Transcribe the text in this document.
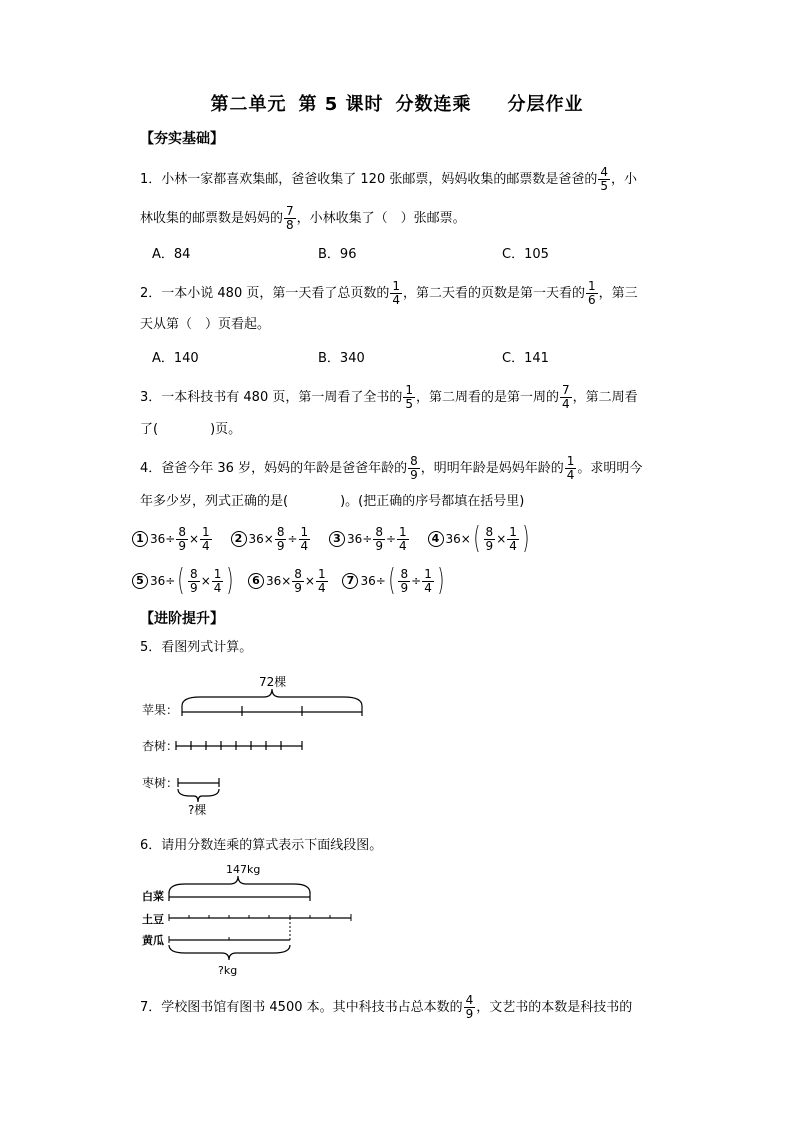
第二单元 第 5 课时 分数连乘 分层作业
【夯实基础】
1．小林一家都喜欢集邮，爸爸收集了 120 张邮票，妈妈收集的邮票数是爸爸的 $\frac{4}{5}$ ，小
林收集的邮票数是妈妈的 $\frac{7}{8}$ ，小林收集了（　）张邮票。
A．84	B．96	C．105
2．一本小说 480 页，第一天看了总页数的 $\frac{1}{4}$ ，第二天看的页数是第一天看的 $\frac{1}{6}$ ，第三
天从第（　）页看起。
A．140	B．340	C．141
3．一本科技书有 480 页，第一周看了全书的 $\frac{1}{5}$ ，第二周看的是第一周的 $\frac{7}{4}$ ，第二周看
了(　　　　)页。
4．爸爸今年 36 岁，妈妈的年龄是爸爸年龄的 $\frac{8}{9}$ ，明明年龄是妈妈年龄的 $\frac{1}{4}$ 。求明明今
年多少岁，列式正确的是(　　　　)。(把正确的序号都填在括号里)
1 $36\div \frac{8}{9} \times \frac{1}{4} 2$ $36\times \frac{8}{9} \div \frac{1}{4} 3$ $36\div \frac{8}{9} \div \frac{1}{4} 4$ $36\times( \frac{8}{9} \times \frac{1}{4}$ )
5 $36\div( \frac{8}{9} \times \frac{1}{4}$ ) 6 $36\times \frac{8}{9} \times \frac{1}{4} 7$ $36\div( \frac{8}{9} \div \frac{1}{4}$ )
【进阶提升】
5．看图列式计算。
72棵
苹果：
杏树：
枣树：
?棵
6．请用分数连乘的算式表示下面线段图。
147kg
白菜
土豆
黄瓜
?kg
7．学校图书馆有图书 4500 本。其中科技书占总本数的 $\frac{4}{9}$ ，文艺书的本数是科技书的
